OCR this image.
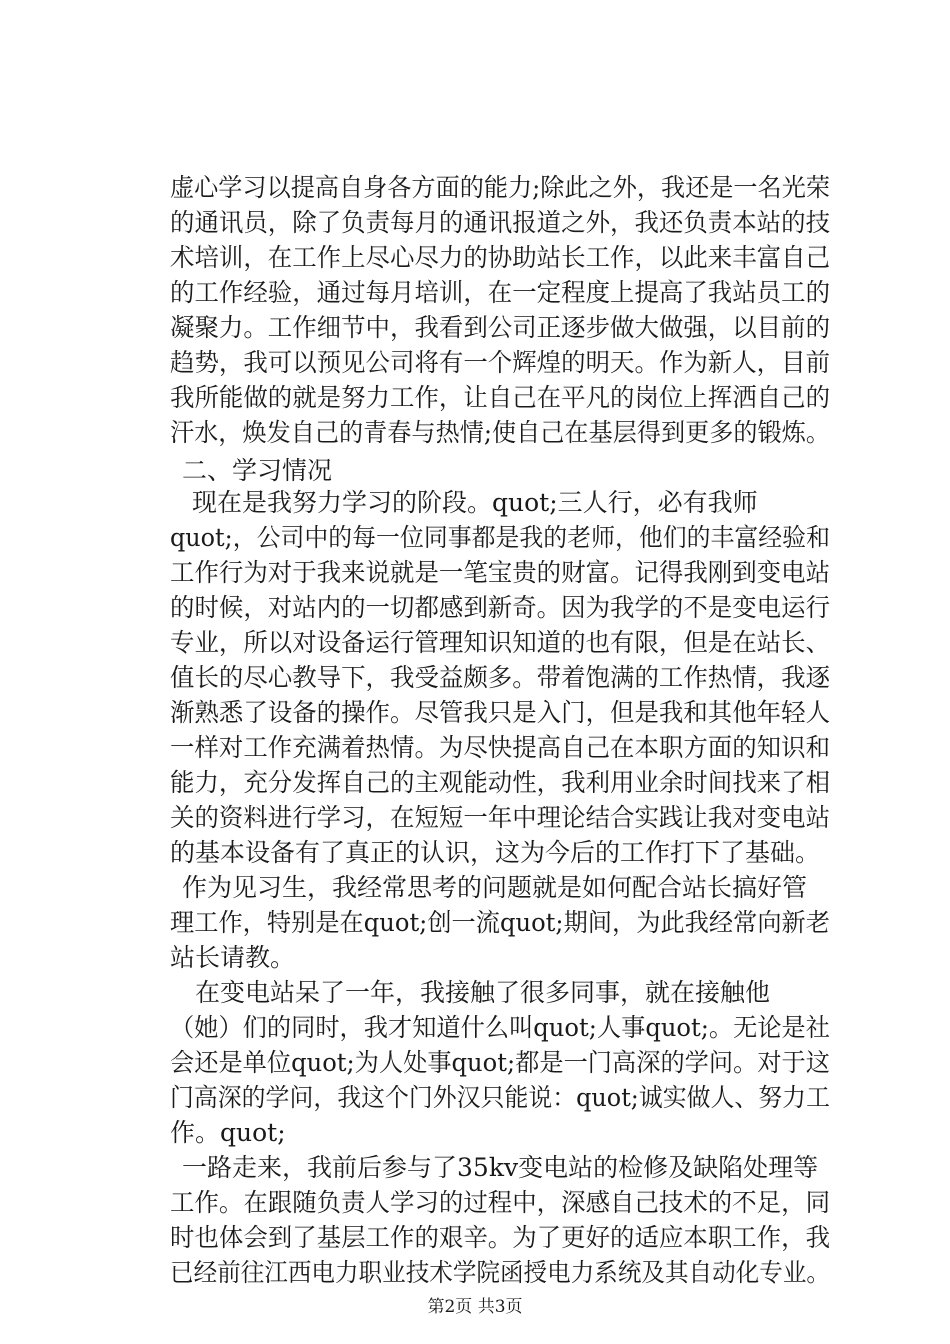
虚心学习以提高自身各方面的能力;除此之外，我还是一名光荣
的通讯员，除了负责每月的通讯报道之外，我还负责本站的技
术培训，在工作上尽心尽力的协助站长工作，以此来丰富自己
的工作经验，通过每月培训，在一定程度上提高了我站员工的
凝聚力。工作细节中，我看到公司正逐步做大做强，以目前的
趋势，我可以预见公司将有一个辉煌的明天。作为新人，目前
我所能做的就是努力工作，让自己在平凡的岗位上挥洒自己的
汗水，焕发自己的青春与热情;使自己在基层得到更多的锻炼。
二、学习情况
现在是我努力学习的阶段。quot;三人行，必有我师
quot;，公司中的每一位同事都是我的老师，他们的丰富经验和
工作行为对于我来说就是一笔宝贵的财富。记得我刚到变电站
的时候，对站内的一切都感到新奇。因为我学的不是变电运行
专业，所以对设备运行管理知识知道的也有限，但是在站长、
值长的尽心教导下，我受益颇多。带着饱满的工作热情，我逐
渐熟悉了设备的操作。尽管我只是入门，但是我和其他年轻人
一样对工作充满着热情。为尽快提高自己在本职方面的知识和
能力，充分发挥自己的主观能动性，我利用业余时间找来了相
关的资料进行学习，在短短一年中理论结合实践让我对变电站
的基本设备有了真正的认识，这为今后的工作打下了基础。
作为见习生，我经常思考的问题就是如何配合站长搞好管
理工作，特别是在quot;创一流quot;期间，为此我经常向新老
站长请教。
在变电站呆了一年，我接触了很多同事，就在接触他
（她）们的同时，我才知道什么叫quot;人事quot;。无论是社
会还是单位quot;为人处事quot;都是一门高深的学问。对于这
门高深的学问，我这个门外汉只能说：quot;诚实做人、努力工
作。quot;
一路走来，我前后参与了35kv变电站的检修及缺陷处理等
工作。在跟随负责人学习的过程中，深感自己技术的不足，同
时也体会到了基层工作的艰辛。为了更好的适应本职工作，我
已经前往江西电力职业技术学院函授电力系统及其自动化专业。
第2页 共3页
